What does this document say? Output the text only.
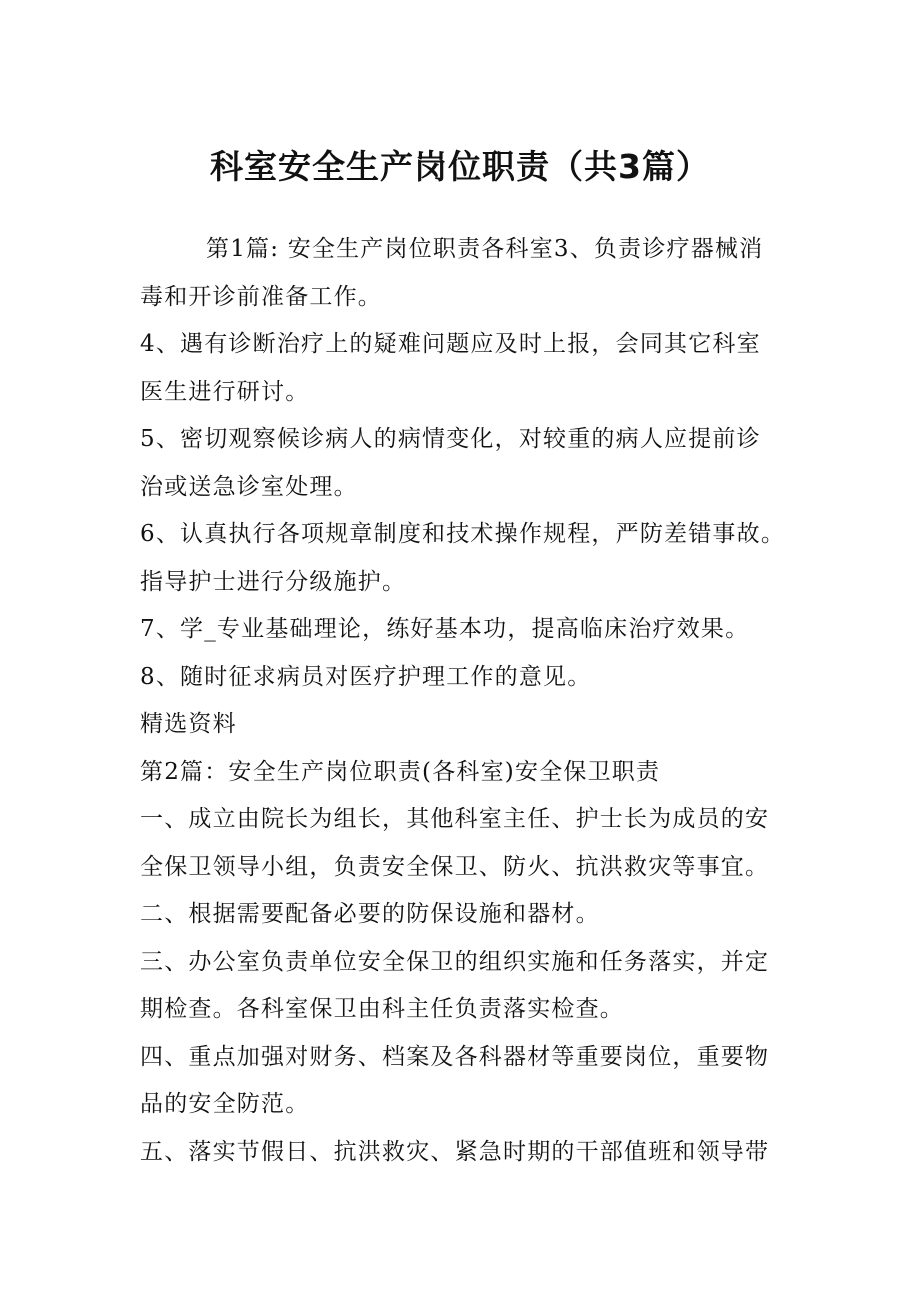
科室安全生产岗位职责（共3篇）

第1篇: 安全生产岗位职责各科室3、负责诊疗器械消

毒和开诊前准备工作。

4、遇有诊断治疗上的疑难问题应及时上报，会同其它科室

医生进行研讨。

5、密切观察候诊病人的病情变化，对较重的病人应提前诊

治或送急诊室处理。

6、认真执行各项规章制度和技术操作规程，严防差错事故。

指导护士进行分级施护。

7、学_专业基础理论，练好基本功，提高临床治疗效果。

8、随时征求病员对医疗护理工作的意见。

精选资料

第2篇：安全生产岗位职责(各科室)安全保卫职责

一、成立由院长为组长，其他科室主任、护士长为成员的安

全保卫领导小组，负责安全保卫、防火、抗洪救灾等事宜。

二、根据需要配备必要的防保设施和器材。

三、办公室负责单位安全保卫的组织实施和任务落实，并定

期检查。各科室保卫由科主任负责落实检查。

四、重点加强对财务、档案及各科器材等重要岗位，重要物

品的安全防范。

五、落实节假日、抗洪救灾、紧急时期的干部值班和领导带
